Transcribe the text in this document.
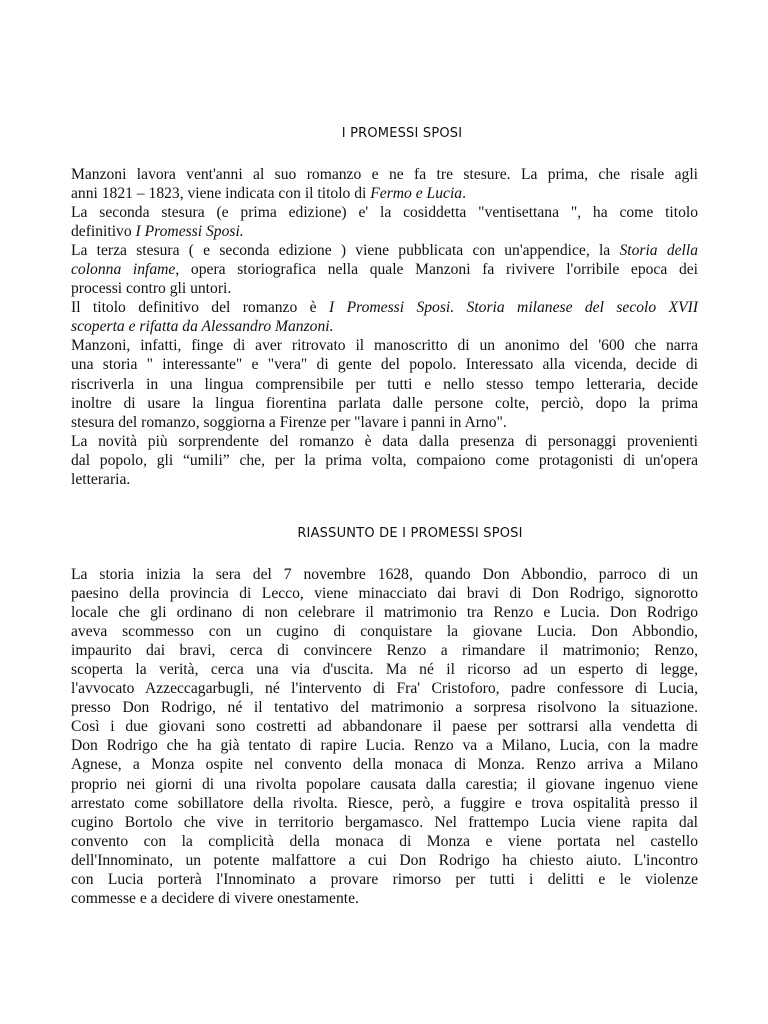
I PROMESSI SPOSI

Manzoni lavora vent'anni al suo romanzo e ne fa tre stesure. La prima, che risale agli
anni 1821 – 1823, viene indicata con il titolo di Fermo e Lucia.

La seconda stesura (e prima edizione) e' la cosiddetta "ventisettana ", ha come titolo
definitivo I Promessi Sposi.

La terza stesura ( e seconda edizione ) viene pubblicata con un'appendice, la Storia della
colonna infame, opera storiografica nella quale Manzoni fa rivivere l'orribile epoca dei
processi contro gli untori.

Il titolo definitivo del romanzo è I Promessi Sposi. Storia milanese del secolo XVII
scoperta e rifatta da Alessandro Manzoni.

Manzoni, infatti, finge di aver ritrovato il manoscritto di un anonimo del '600 che narra
una storia " interessante" e "vera" di gente del popolo. Interessato alla vicenda, decide di
riscriverla in una lingua comprensibile per tutti e nello stesso tempo letteraria, decide
inoltre di usare la lingua fiorentina parlata dalle persone colte, perciò, dopo la prima
stesura del romanzo, soggiorna a Firenze per "lavare i panni in Arno".

La novità più sorprendente del romanzo è data dalla presenza di personaggi provenienti
dal popolo, gli “umili” che, per la prima volta, compaiono come protagonisti di un'opera
letteraria.

RIASSUNTO DE I PROMESSI SPOSI

La storia inizia la sera del 7 novembre 1628, quando Don Abbondio, parroco di un
paesino della provincia di Lecco, viene minacciato dai bravi di Don Rodrigo, signorotto
locale che gli ordinano di non celebrare il matrimonio tra Renzo e Lucia. Don Rodrigo
aveva scommesso con un cugino di conquistare la giovane Lucia. Don Abbondio,
impaurito dai bravi, cerca di convincere Renzo a rimandare il matrimonio; Renzo,
scoperta la verità, cerca una via d'uscita. Ma né il ricorso ad un esperto di legge,
l'avvocato Azzeccagarbugli, né l'intervento di Fra' Cristoforo, padre confessore di Lucia,
presso Don Rodrigo, né il tentativo del matrimonio a sorpresa risolvono la situazione.
Così i due giovani sono costretti ad abbandonare il paese per sottrarsi alla vendetta di
Don Rodrigo che ha già tentato di rapire Lucia. Renzo va a Milano, Lucia, con la madre
Agnese, a Monza ospite nel convento della monaca di Monza. Renzo arriva a Milano
proprio nei giorni di una rivolta popolare causata dalla carestia; il giovane ingenuo viene
arrestato come sobillatore della rivolta. Riesce, però, a fuggire e trova ospitalità presso il
cugino Bortolo che vive in territorio bergamasco. Nel frattempo Lucia viene rapita dal
convento con la complicità della monaca di Monza e viene portata nel castello
dell'Innominato, un potente malfattore a cui Don Rodrigo ha chiesto aiuto. L'incontro
con Lucia porterà l'Innominato a provare rimorso per tutti i delitti e le violenze
commesse e a decidere di vivere onestamente.
